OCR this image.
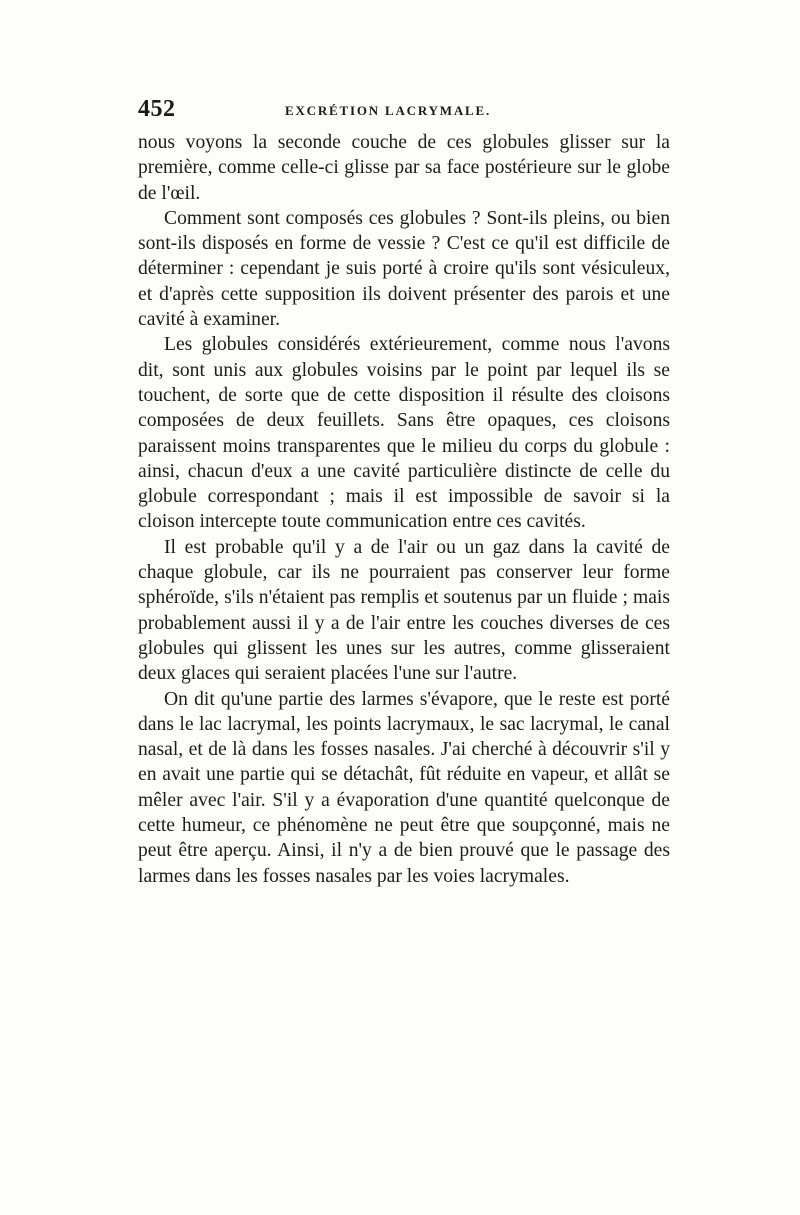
452	EXCRÉTION LACRYMALE.

nous voyons la seconde couche de ces globules glisser sur la première, comme celle-ci glisse par sa face postérieure sur le globe de l'œil.

Comment sont composés ces globules ? Sont-ils pleins, ou bien sont-ils disposés en forme de vessie ? C'est ce qu'il est difficile de déterminer : cependant je suis porté à croire qu'ils sont vésiculeux, et d'après cette supposition ils doivent présenter des parois et une cavité à examiner.

Les globules considérés extérieurement, comme nous l'avons dit, sont unis aux globules voisins par le point par lequel ils se touchent, de sorte que de cette disposition il résulte des cloisons composées de deux feuillets. Sans être opaques, ces cloisons paraissent moins transparentes que le milieu du corps du globule : ainsi, chacun d'eux a une cavité particulière distincte de celle du globule correspondant ; mais il est impossible de savoir si la cloison intercepte toute communication entre ces cavités.

Il est probable qu'il y a de l'air ou un gaz dans la cavité de chaque globule, car ils ne pourraient pas conserver leur forme sphéroïde, s'ils n'étaient pas remplis et soutenus par un fluide ; mais probablement aussi il y a de l'air entre les couches diverses de ces globules qui glissent les unes sur les autres, comme glisseraient deux glaces qui seraient placées l'une sur l'autre.

On dit qu'une partie des larmes s'évapore, que le reste est porté dans le lac lacrymal, les points lacrymaux, le sac lacrymal, le canal nasal, et de là dans les fosses nasales. J'ai cherché à découvrir s'il y en avait une partie qui se détachât, fût réduite en vapeur, et allât se mêler avec l'air. S'il y a évaporation d'une quantité quelconque de cette humeur, ce phénomène ne peut être que soupçonné, mais ne peut être aperçu. Ainsi, il n'y a de bien prouvé que le passage des larmes dans les fosses nasales par les voies lacrymales.
